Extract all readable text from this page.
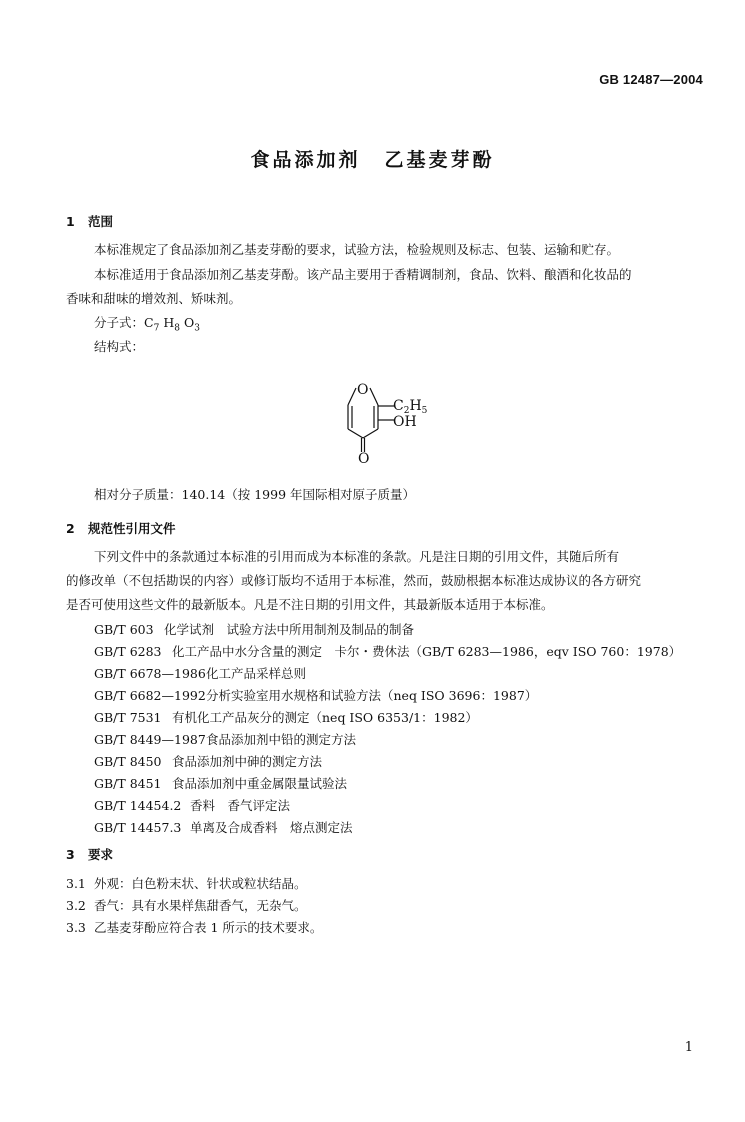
GB 12487—2004
食品添加剂 乙基麦芽酚
1 范围
本标准规定了食品添加剂乙基麦芽酚的要求，试验方法，检验规则及标志、包装、运输和贮存。
本标准适用于食品添加剂乙基麦芽酚。该产品主要用于香精调制剂，食品、饮料、酿酒和化妆品的
香味和甜味的增效剂、矫味剂。
分子式：$C_7$ $H_8$ $O_3$
结构式：
O
O
$C_2H_5$
OH
相对分子质量：140.14（按 1999 年国际相对原子质量）
2 规范性引用文件
下列文件中的条款通过本标准的引用而成为本标准的条款。凡是注日期的引用文件，其随后所有
的修改单（不包括勘误的内容）或修订版均不适用于本标准，然而，鼓励根据本标准达成协议的各方研究
是否可使用这些文件的最新版本。凡是不注日期的引用文件，其最新版本适用于本标准。
GB/T 603 化学试剂　试验方法中所用制剂及制品的制备
GB/T 6283 化工产品中水分含量的测定　卡尔・费休法（GB/T 6283—1986，eqv ISO 760：1978）
GB/T 6678—1986化工产品采样总则
GB/T 6682—1992分析实验室用水规格和试验方法（neq ISO 3696：1987）
GB/T 7531 有机化工产品灰分的测定（neq ISO 6353/1：1982）
GB/T 8449—1987食品添加剂中铅的测定方法
GB/T 8450 食品添加剂中砷的测定方法
GB/T 8451 食品添加剂中重金属限量试验法
GB/T 14454.2 香料　香气评定法
GB/T 14457.3 单离及合成香料　熔点测定法
3 要求
3.1 外观：白色粉末状、针状或粒状结晶。
3.2 香气：具有水果样焦甜香气，无杂气。
3.3 乙基麦芽酚应符合表 1 所示的技术要求。
1
